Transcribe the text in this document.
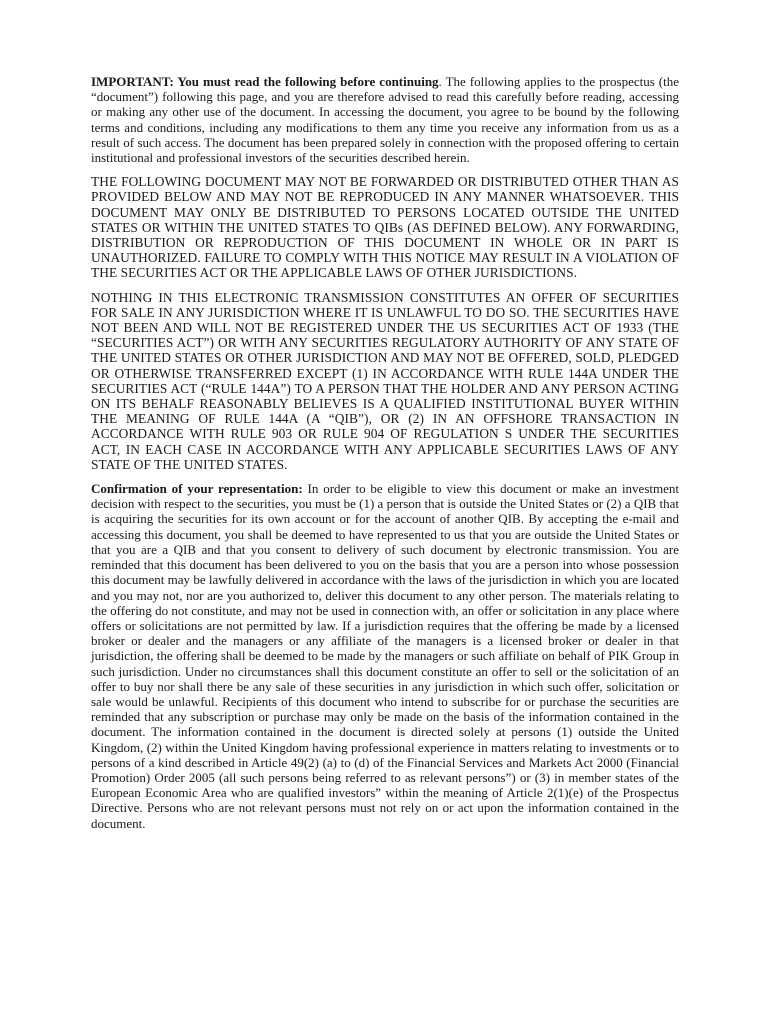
IMPORTANT: You must read the following before continuing. The following applies to the prospectus (the “document”) following this page, and you are therefore advised to read this carefully before reading, accessing or making any other use of the document. In accessing the document, you agree to be bound by the following terms and conditions, including any modifications to them any time you receive any information from us as a result of such access. The document has been prepared solely in connection with the proposed offering to certain institutional and professional investors of the securities described herein.

THE FOLLOWING DOCUMENT MAY NOT BE FORWARDED OR DISTRIBUTED OTHER THAN AS PROVIDED BELOW AND MAY NOT BE REPRODUCED IN ANY MANNER WHATSOEVER. THIS DOCUMENT MAY ONLY BE DISTRIBUTED TO PERSONS LOCATED OUTSIDE THE UNITED STATES OR WITHIN THE UNITED STATES TO QIBs (AS DEFINED BELOW). ANY FORWARDING, DISTRIBUTION OR REPRODUCTION OF THIS DOCUMENT IN WHOLE OR IN PART IS UNAUTHORIZED. FAILURE TO COMPLY WITH THIS NOTICE MAY RESULT IN A VIOLATION OF THE SECURITIES ACT OR THE APPLICABLE LAWS OF OTHER JURISDICTIONS.

NOTHING IN THIS ELECTRONIC TRANSMISSION CONSTITUTES AN OFFER OF SECURITIES FOR SALE IN ANY JURISDICTION WHERE IT IS UNLAWFUL TO DO SO. THE SECURITIES HAVE NOT BEEN AND WILL NOT BE REGISTERED UNDER THE US SECURITIES ACT OF 1933 (THE “SECURITIES ACT”) OR WITH ANY SECURITIES REGULATORY AUTHORITY OF ANY STATE OF THE UNITED STATES OR OTHER JURISDICTION AND MAY NOT BE OFFERED, SOLD, PLEDGED OR OTHERWISE TRANSFERRED EXCEPT (1) IN ACCORDANCE WITH RULE 144A UNDER THE SECURITIES ACT (“RULE 144A”) TO A PERSON THAT THE HOLDER AND ANY PERSON ACTING ON ITS BEHALF REASONABLY BELIEVES IS A QUALIFIED INSTITUTIONAL BUYER WITHIN THE MEANING OF RULE 144A (A “QIB”), OR (2) IN AN OFFSHORE TRANSACTION IN ACCORDANCE WITH RULE 903 OR RULE 904 OF REGULATION S UNDER THE SECURITIES ACT, IN EACH CASE IN ACCORDANCE WITH ANY APPLICABLE SECURITIES LAWS OF ANY STATE OF THE UNITED STATES.

Confirmation of your representation: In order to be eligible to view this document or make an investment decision with respect to the securities, you must be (1) a person that is outside the United States or (2) a QIB that is acquiring the securities for its own account or for the account of another QIB. By accepting the e-mail and accessing this document, you shall be deemed to have represented to us that you are outside the United States or that you are a QIB and that you consent to delivery of such document by electronic transmission. You are reminded that this document has been delivered to you on the basis that you are a person into whose possession this document may be lawfully delivered in accordance with the laws of the jurisdiction in which you are located and you may not, nor are you authorized to, deliver this document to any other person. The materials relating to the offering do not constitute, and may not be used in connection with, an offer or solicitation in any place where offers or solicitations are not permitted by law. If a jurisdiction requires that the offering be made by a licensed broker or dealer and the managers or any affiliate of the managers is a licensed broker or dealer in that jurisdiction, the offering shall be deemed to be made by the managers or such affiliate on behalf of PIK Group in such jurisdiction. Under no circumstances shall this document constitute an offer to sell or the solicitation of an offer to buy nor shall there be any sale of these securities in any jurisdiction in which such offer, solicitation or sale would be unlawful. Recipients of this document who intend to subscribe for or purchase the securities are reminded that any subscription or purchase may only be made on the basis of the information contained in the document. The information contained in the document is directed solely at persons (1) outside the United Kingdom, (2) within the United Kingdom having professional experience in matters relating to investments or to persons of a kind described in Article 49(2) (a) to (d) of the Financial Services and Markets Act 2000 (Financial Promotion) Order 2005 (all such persons being referred to as relevant persons”) or (3) in member states of the European Economic Area who are qualified investors” within the meaning of Article 2(1)(e) of the Prospectus Directive. Persons who are not relevant persons must not rely on or act upon the information contained in the document.
